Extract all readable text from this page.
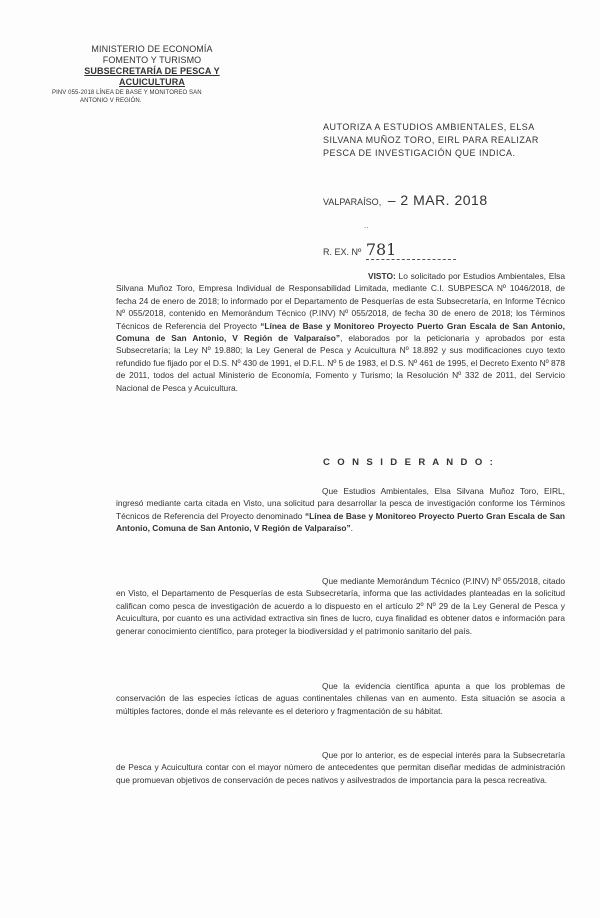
MINISTERIO DE ECONOMÍA
FOMENTO Y TURISMO
SUBSECRETARÍA DE PESCA Y ACUICULTURA
PINV 055-2018 LÍNEA DE BASE Y MONITOREO SAN
ANTONIO V REGIÓN.
AUTORIZA A ESTUDIOS AMBIENTALES, ELSA SILVANA MUÑOZ TORO, EIRL PARA REALIZAR PESCA DE INVESTIGACIÓN QUE INDICA.
VALPARAÍSO, – 2 MAR. 2018
..
R. EX. Nº 781
VISTO: Lo solicitado por Estudios Ambientales, Elsa Silvana Muñoz Toro, Empresa Individual de Responsabilidad Limitada, mediante C.I. SUBPESCA Nº 1046/2018, de fecha 24 de enero de 2018; lo informado por el Departamento de Pesquerías de esta Subsecretaría, en Informe Técnico Nº 055/2018, contenido en Memorándum Técnico (P.INV) Nº 055/2018, de fecha 30 de enero de 2018; los Términos Técnicos de Referencia del Proyecto “Línea de Base y Monitoreo Proyecto Puerto Gran Escala de San Antonio, Comuna de San Antonio, V Región de Valparaíso”, elaborados por la peticionaria y aprobados por esta Subsecretaría; la Ley Nº 19.880; la Ley General de Pesca y Acuicultura Nº 18.892 y sus modificaciones cuyo texto refundido fue fijado por el D.S. Nº 430 de 1991, el D.F.L. Nº 5 de 1983, el D.S. Nº 461 de 1995, el Decreto Exento Nº 878 de 2011, todos del actual Ministerio de Economía, Fomento y Turismo; la Resolución Nº 332 de 2011, del Servicio Nacional de Pesca y Acuicultura.
C O N S I D E R A N D O :
Que Estudios Ambientales, Elsa Silvana Muñoz Toro, EIRL, ingresó mediante carta citada en Visto, una solicitud para desarrollar la pesca de investigación conforme los Términos Técnicos de Referencia del Proyecto denominado “Línea de Base y Monitoreo Proyecto Puerto Gran Escala de San Antonio, Comuna de San Antonio, V Región de Valparaíso”.
Que mediante Memorándum Técnico (P.INV) Nº 055/2018, citado en Visto, el Departamento de Pesquerías de esta Subsecretaría, informa que las actividades planteadas en la solicitud califican como pesca de investigación de acuerdo a lo dispuesto en el artículo 2º Nº 29 de la Ley General de Pesca y Acuicultura, por cuanto es una actividad extractiva sin fines de lucro, cuya finalidad es obtener datos e información para generar conocimiento científico, para proteger la biodiversidad y el patrimonio sanitario del país.
Que la evidencia científica apunta a que los problemas de conservación de las especies ícticas de aguas continentales chilenas van en aumento. Esta situación se asocia a múltiples factores, donde el más relevante es el deterioro y fragmentación de su hábitat.
Que por lo anterior, es de especial interés para la Subsecretaría de Pesca y Acuicultura contar con el mayor número de antecedentes que permitan diseñar medidas de administración que promuevan objetivos de conservación de peces nativos y asilvestrados de importancia para la pesca recreativa.
